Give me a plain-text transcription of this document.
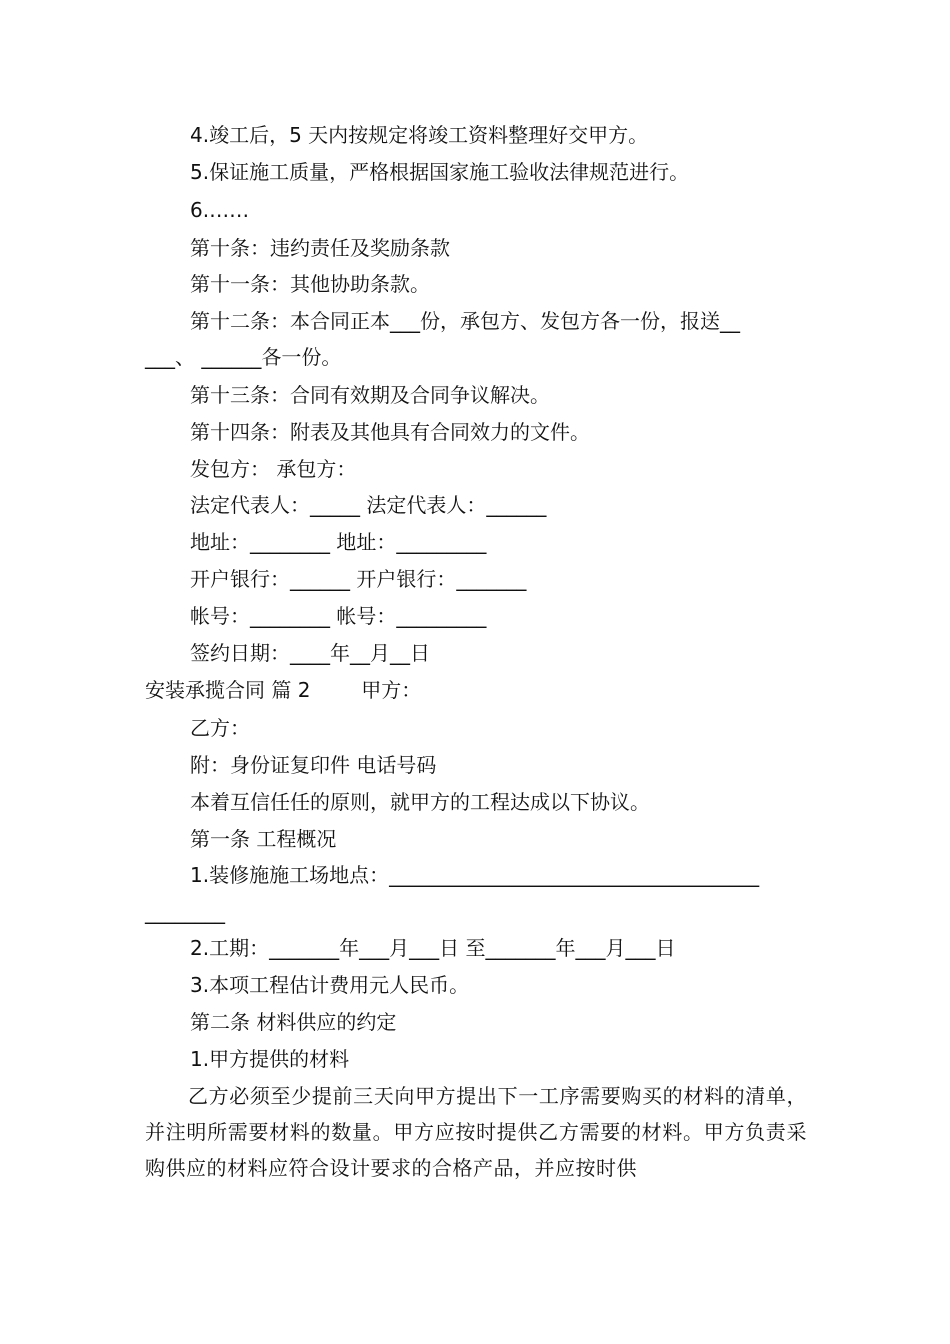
4.竣工后，5 天内按规定将竣工资料整理好交甲方。
5.保证施工质量，严格根据国家施工验收法律规范进行。
6.……
第十条：违约责任及奖励条款
第十一条：其他协助条款。
第十二条：本合同正本___份，承包方、发包方各一份，报送__
___、 ______各一份。
第十三条：合同有效期及合同争议解决。
第十四条：附表及其他具有合同效力的文件。
发包方： 承包方：
法定代表人：_____ 法定代表人：______
地址：________ 地址：_________
开户银行：______ 开户银行：_______
帐号：________ 帐号：_________
签约日期：____年__月__日
安装承揽合同 篇 2        甲方：
乙方：
附：身份证复印件 电话号码
本着互信任任的原则，就甲方的工程达成以下协议。
第一条 工程概况
1.装修施施工场地点：_____________________________________
________
2.工期：_______年___月___日 至_______年___月___日
3.本项工程估计费用元人民币。
第二条 材料供应的约定
1.甲方提供的材料
乙方必须至少提前三天向甲方提出下一工序需要购买的材料的清单，并注明所需要材料的数量。甲方应按时提供乙方需要的材料。甲方负责采购供应的材料应符合设计要求的合格产品，并应按时供
